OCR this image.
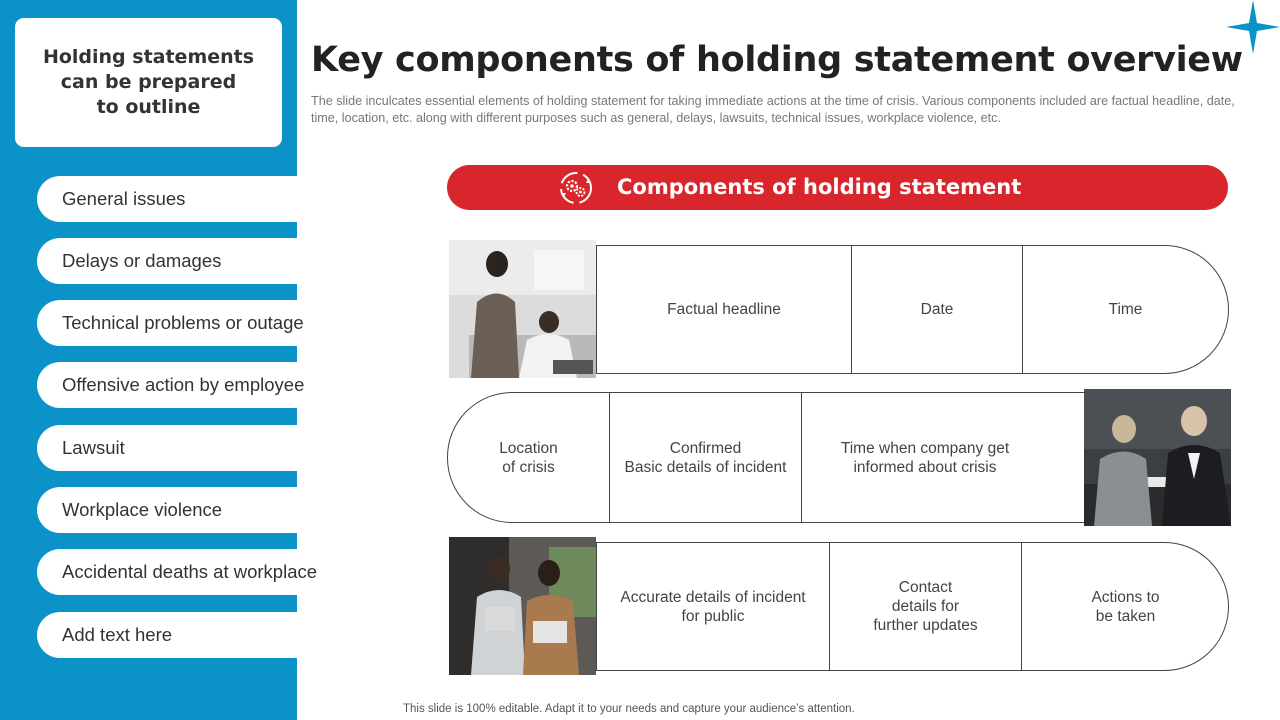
Holding statements
can be prepared
to outline
General issues
Delays or damages
Technical problems or outage
Offensive action by employee
Lawsuit
Workplace violence
Accidental deaths at workplace
Add text here
Key components of holding statement overview
The slide inculcates essential elements of holding statement for taking immediate actions at the time of crisis. Various components included are factual headline, date, time, location, etc. along with different purposes such as general, delays, lawsuits, technical issues, workplace violence, etc.
Components of holding statement
Factual headline	Date	Time
Location
of crisis
Confirmed
Basic details of incident
Time when company get
informed about crisis
Accurate details of incident
for public
Contact
details for
further updates
Actions to
be taken
This slide is 100% editable. Adapt it to your needs and capture your audience’s attention.
